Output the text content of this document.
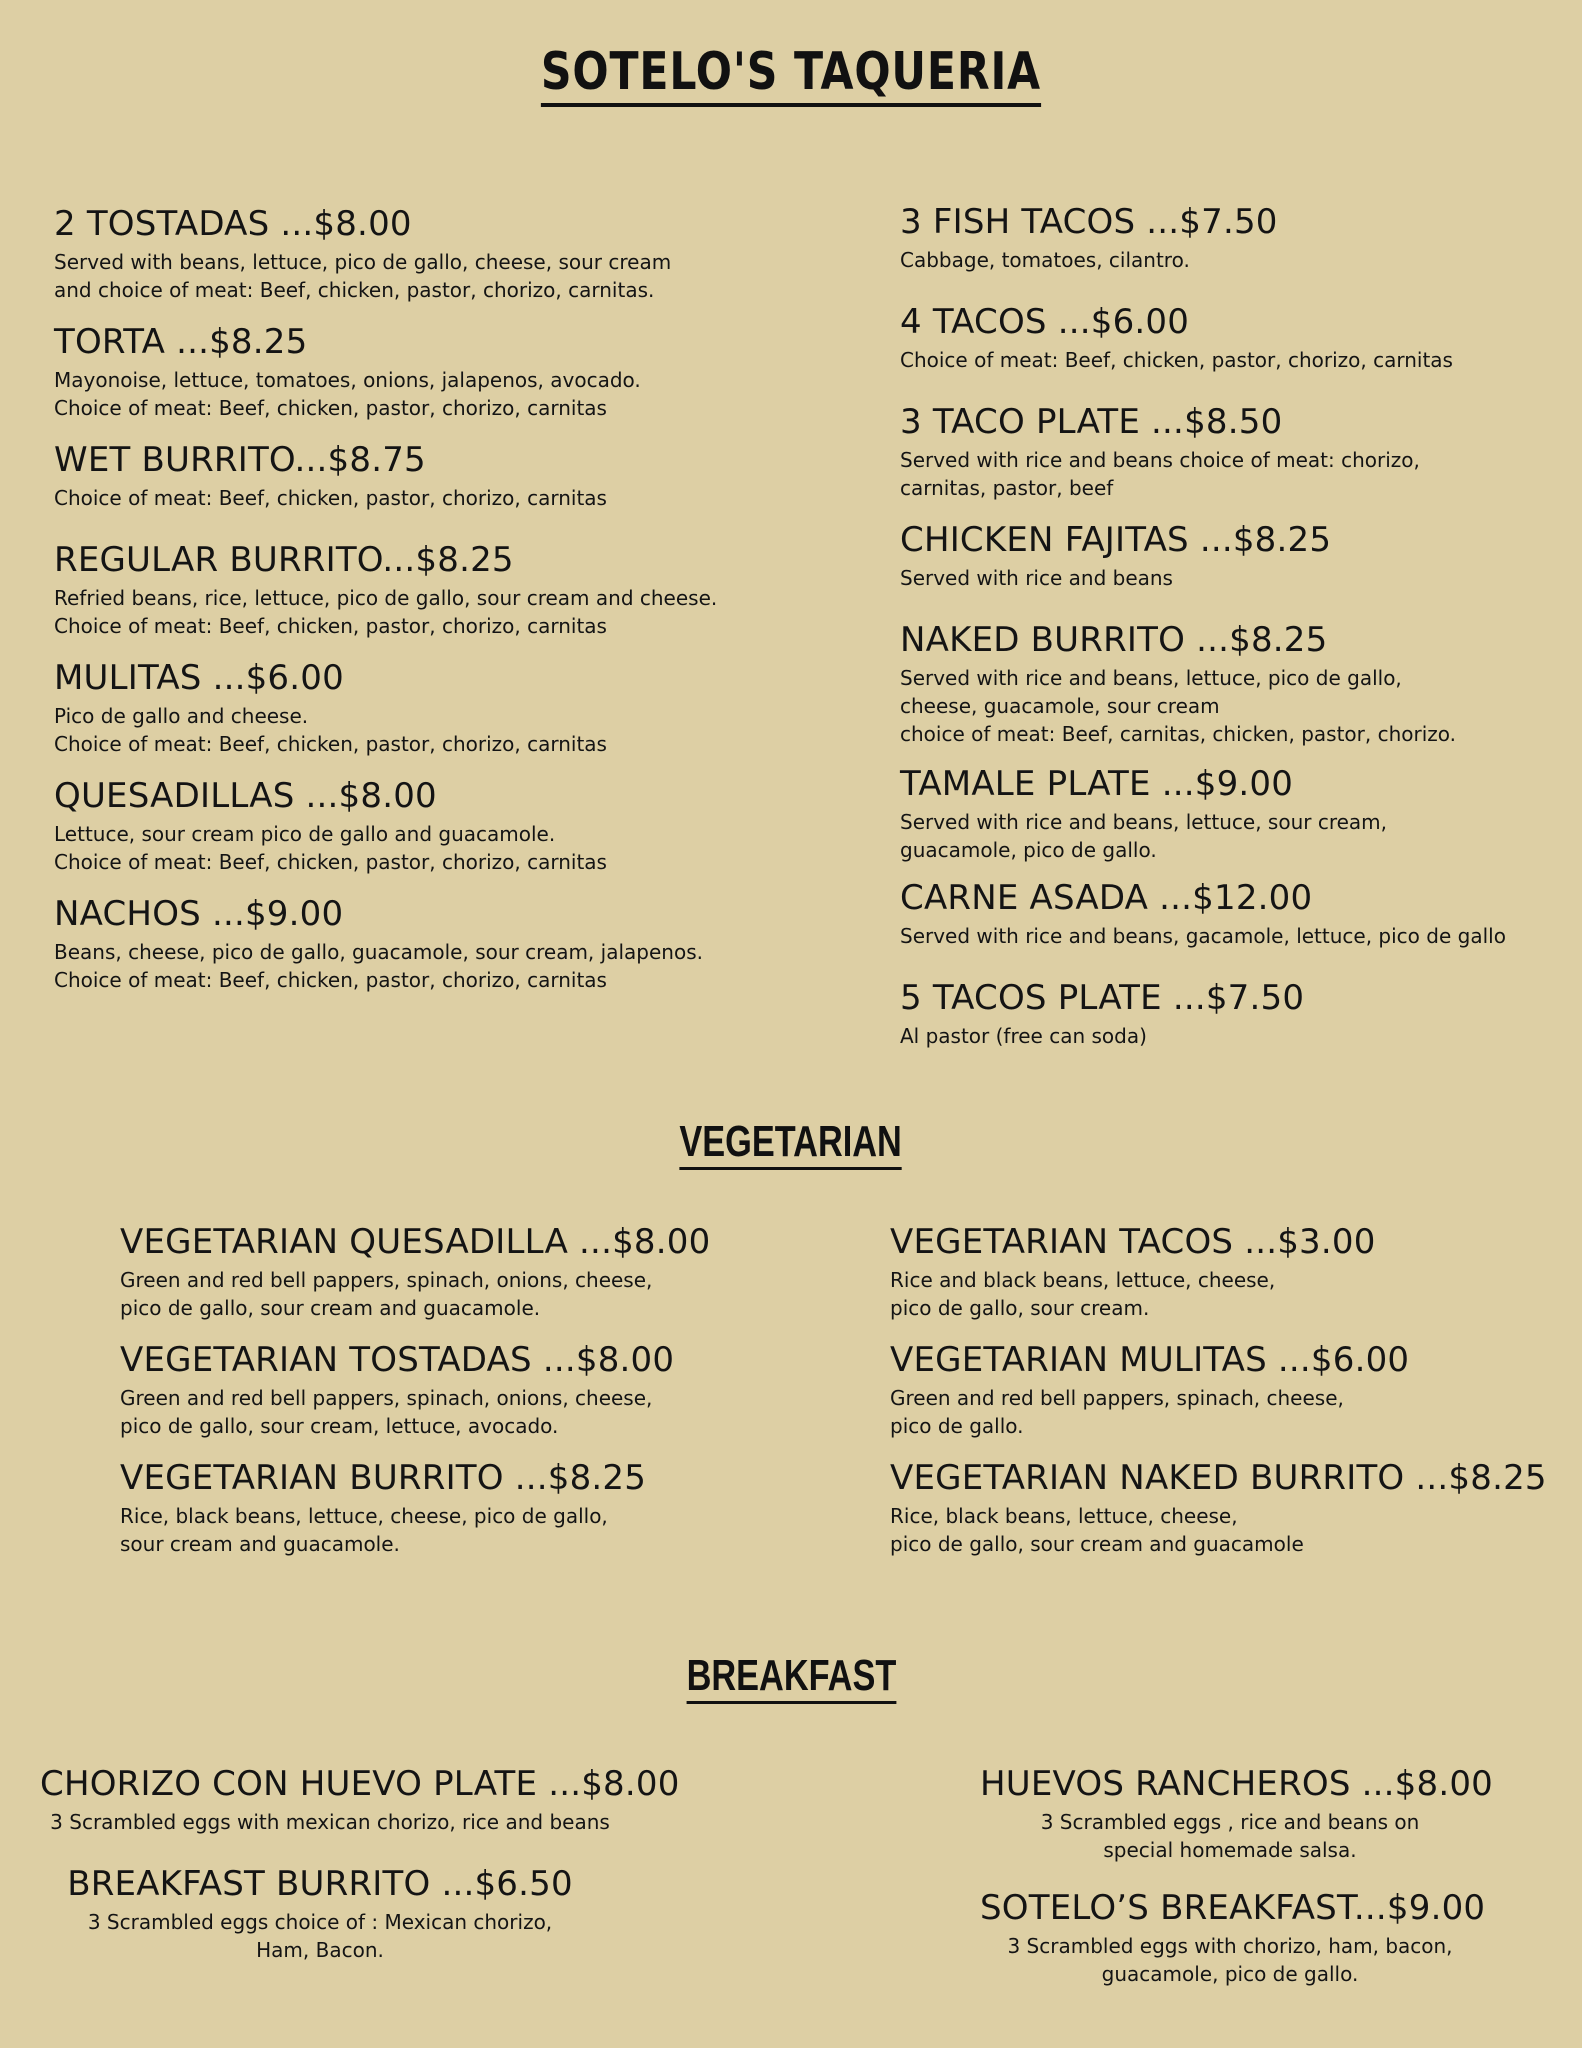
SOTELO'S TAQUERIA
2 TOSTADAS ...$8.00
Served with beans, lettuce, pico de gallo, cheese, sour cream
and choice of meat: Beef, chicken, pastor, chorizo, carnitas.
TORTA ...$8.25
Mayonoise, lettuce, tomatoes, onions, jalapenos, avocado.
Choice of meat: Beef, chicken, pastor, chorizo, carnitas
WET BURRITO...$8.75
Choice of meat: Beef, chicken, pastor, chorizo, carnitas
REGULAR BURRITO...$8.25
Refried beans, rice, lettuce, pico de gallo, sour cream and cheese.
Choice of meat: Beef, chicken, pastor, chorizo, carnitas
MULITAS ...$6.00
Pico de gallo and cheese.
Choice of meat: Beef, chicken, pastor, chorizo, carnitas
QUESADILLAS ...$8.00
Lettuce, sour cream pico de gallo and guacamole.
Choice of meat: Beef, chicken, pastor, chorizo, carnitas
NACHOS ...$9.00
Beans, cheese, pico de gallo, guacamole, sour cream, jalapenos.
Choice of meat: Beef, chicken, pastor, chorizo, carnitas
3 FISH TACOS ...$7.50
Cabbage, tomatoes, cilantro.
4 TACOS ...$6.00
Choice of meat: Beef, chicken, pastor, chorizo, carnitas
3 TACO PLATE ...$8.50
Served with rice and beans choice of meat: chorizo,
carnitas, pastor, beef
CHICKEN FAJITAS ...$8.25
Served with rice and beans
NAKED BURRITO ...$8.25
Served with rice and beans, lettuce, pico de gallo,
cheese, guacamole, sour cream
choice of meat: Beef, carnitas, chicken, pastor, chorizo.
TAMALE PLATE ...$9.00
Served with rice and beans, lettuce, sour cream,
guacamole, pico de gallo.
CARNE ASADA ...$12.00
Served with rice and beans, gacamole, lettuce, pico de gallo
5 TACOS PLATE ...$7.50
Al pastor (free can soda)
VEGETARIAN
VEGETARIAN QUESADILLA ...$8.00
Green and red bell pappers, spinach, onions, cheese,
pico de gallo, sour cream and guacamole.
VEGETARIAN TOSTADAS ...$8.00
Green and red bell pappers, spinach, onions, cheese,
pico de gallo, sour cream, lettuce, avocado.
VEGETARIAN BURRITO ...$8.25
Rice, black beans, lettuce, cheese, pico de gallo,
sour cream and guacamole.
VEGETARIAN TACOS ...$3.00
Rice and black beans, lettuce, cheese,
pico de gallo, sour cream.
VEGETARIAN MULITAS ...$6.00
Green and red bell pappers, spinach, cheese,
pico de gallo.
VEGETARIAN NAKED BURRITO ...$8.25
Rice, black beans, lettuce, cheese,
pico de gallo, sour cream and guacamole
BREAKFAST
CHORIZO CON HUEVO PLATE ...$8.00
3 Scrambled eggs with mexican chorizo, rice and beans
BREAKFAST BURRITO ...$6.50
3 Scrambled eggs choice of : Mexican chorizo,
Ham, Bacon.
HUEVOS RANCHEROS ...$8.00
3 Scrambled eggs , rice and beans on
special homemade salsa.
SOTELO’S BREAKFAST...$9.00
3 Scrambled eggs with chorizo, ham, bacon,
guacamole, pico de gallo.
